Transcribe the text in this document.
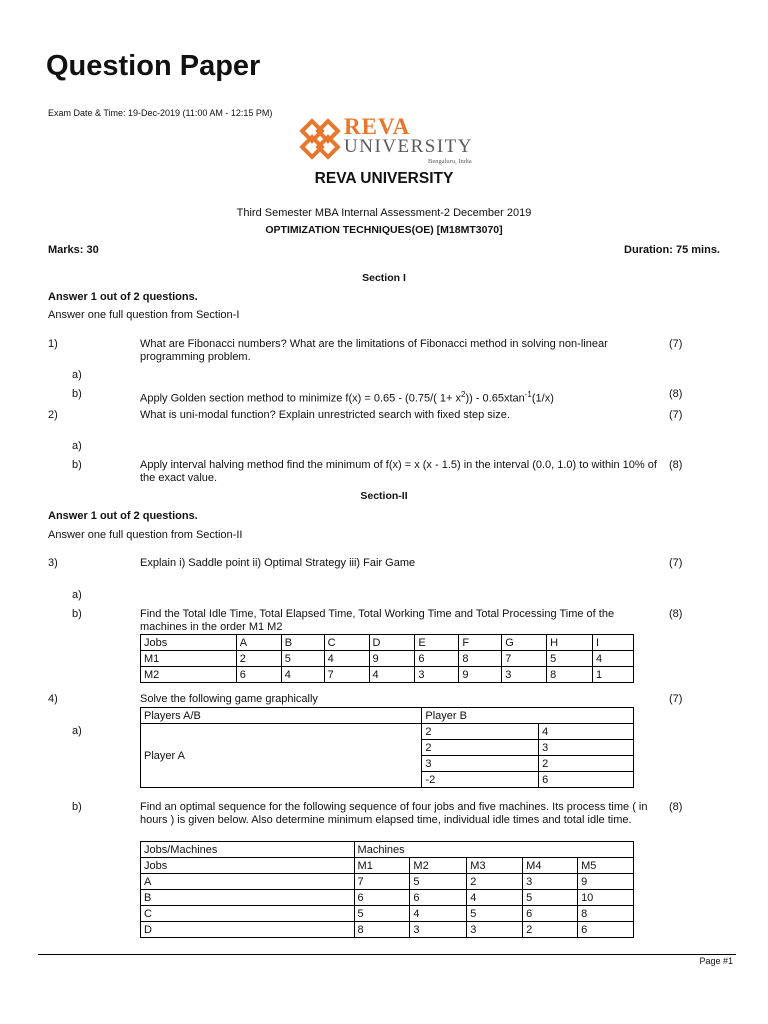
Question Paper
Exam Date & Time: 19-Dec-2019 (11:00 AM - 12:15 PM)
REVA
UNIVERSITY
Bengaluru, India
REVA UNIVERSITY
Third Semester MBA Internal Assessment-2 December 2019
OPTIMIZATION TECHNIQUES(OE) [M18MT3070]
Marks: 30	Duration: 75 mins.
Section I
Answer 1 out of 2 questions.
Answer one full question from Section-I
1)	What are Fibonacci numbers? What are the limitations of Fibonacci method in solving non-linear programming problem.
(7)
a)
b)	Apply Golden section method to minimize f(x) = 0.65 - (0.75/( $1+ x^2)) - 0.65xtan^{-1}(1/x)$	(8)
2)	What is uni-modal function? Explain unrestricted search with fixed step size.	(7)
a)
b)	Apply interval halving method find the minimum of f(x) = x (x - 1.5) in the interval (0.0, 1.0) to within 10% of the exact value.
(8)
Section-II
Answer 1 out of 2 questions.
Answer one full question from Section-II
3)	Explain i) Saddle point ii) Optimal Strategy iii) Fair Game	(7)
a)
b)	Find the Total Idle Time, Total Elapsed Time, Total Working Time and Total Processing Time of the machines in the order M1 M2
(8)
Jobs	A	B	C	D	E	F	G	H	I
M1	2	5	4	9	6	8	7	5	4
M2	6	4	7	4	3	9	3	8	1
4)	Solve the following game graphically	(7)
a)
Players A/B	Player B	
Player A	2	4
	2	3
	3	2
	-2	6
b)	Find an optimal sequence for the following sequence of four jobs and five machines. Its process time ( in hours ) is given below. Also determine minimum elapsed time, individual idle times and total idle time.
(8)
Jobs/Machines	Machines				
Jobs	M1	M2	M3	M4	M5
A	7	5	2	3	9
B	6	6	4	5	10
C	5	4	5	6	8
D	8	3	3	2	6
Page #1
